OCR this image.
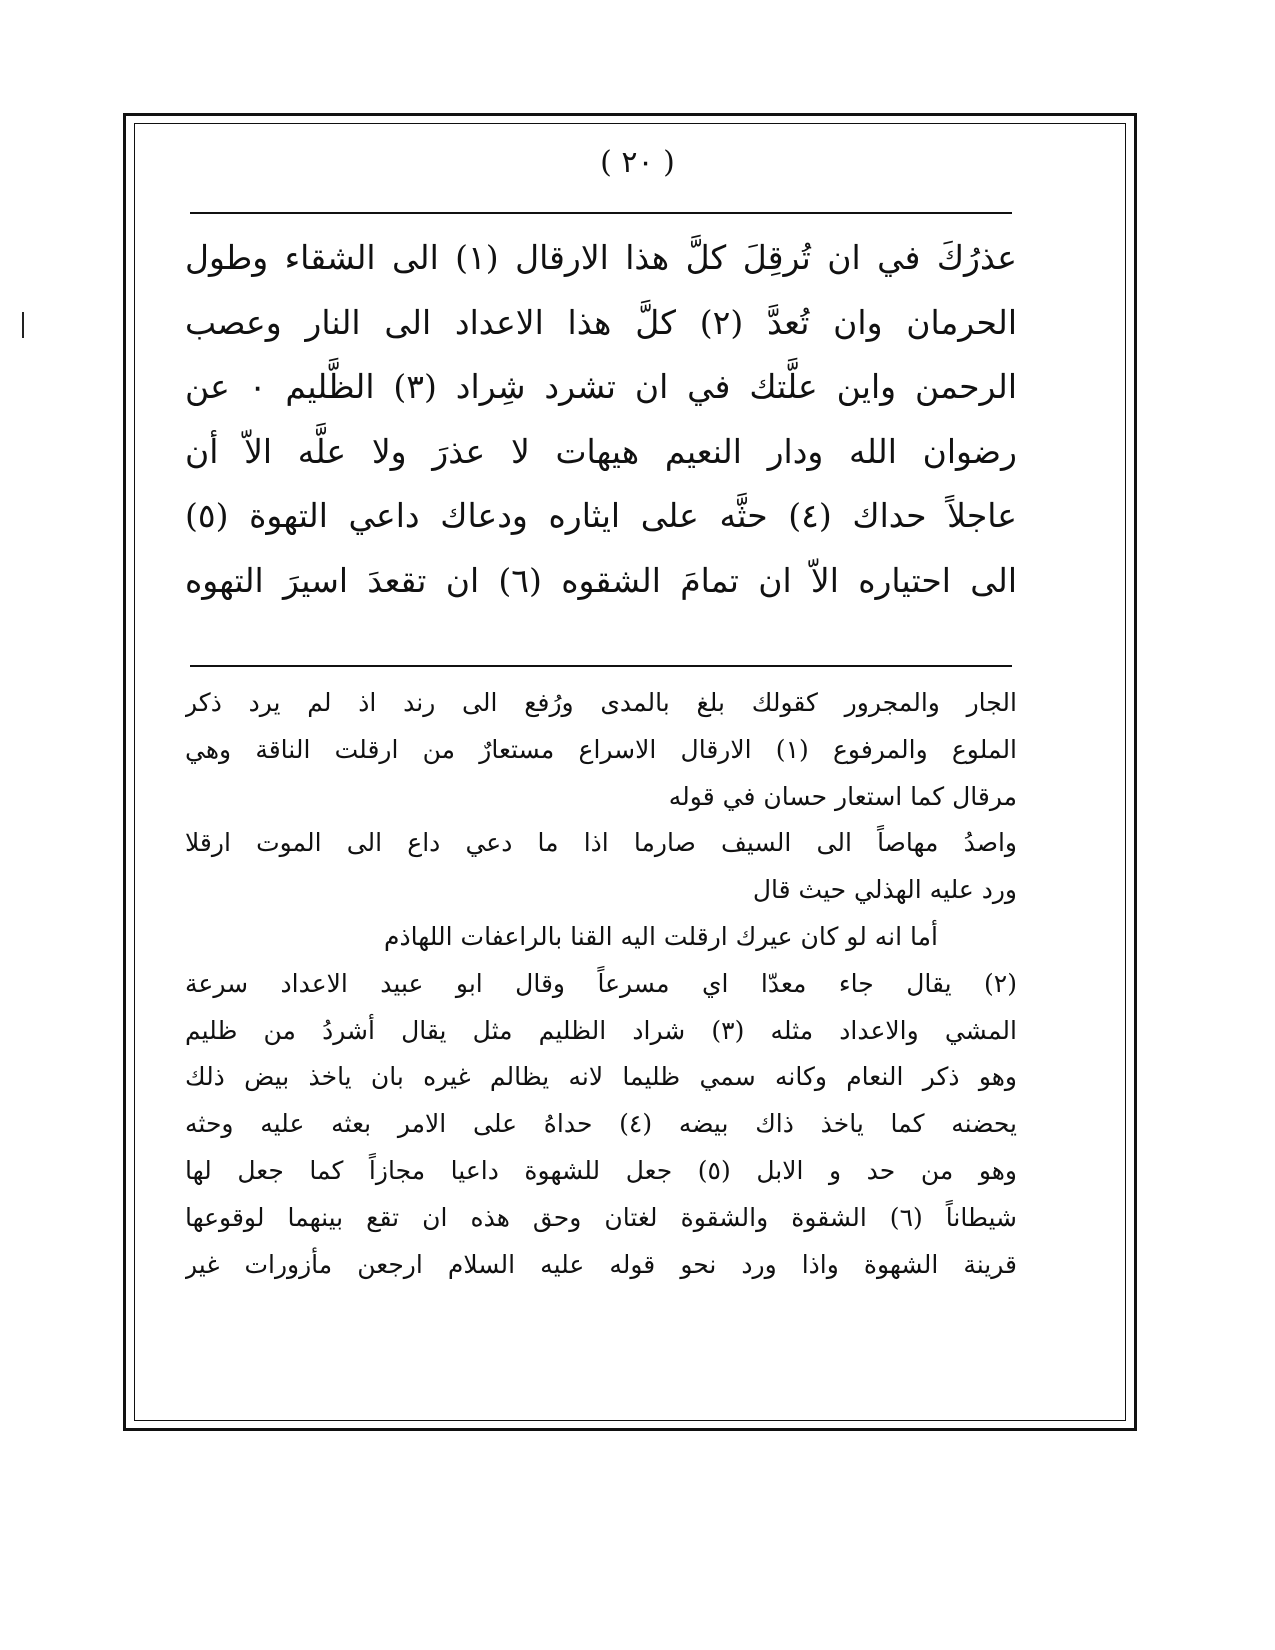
( ٢٠ )
عذرُكَ في ان تُرقِلَ كلَّ هذا الارقال (١) الى الشقاء وطول
الحرمان وان تُعدَّ (٢) كلَّ هذا الاعداد الى النار وعصب
الرحمن واين علَّتك في ان تشرد شِراد (٣) الظَّليم ٠ عن
رضوان الله ودار النعيم هيهات لا عذرَ ولا علَّه الاّ أن
عاجلاً حداك (٤) حثَّه على ايثاره ودعاك داعي التهوة (٥)
الى احتياره الاّ ان تمامَ الشقوه (٦) ان تقعدَ اسيرَ التهوه
الجار والمجرور كقولك بلغ بالمدى ورُفع الى رند اذ لم يرد ذكر
الملوع والمرفوع (١) الارقال الاسراع مستعارٌ من ارقلت الناقة وهي
مرقال كما استعار حسان في قوله
واصدُ مهاصاً الى السيف صارما اذا ما دعي داع الى الموت ارقلا
ورد عليه الهذلي حيث قال
أما انه لو كان عيرك ارقلت اليه القنا بالراعفات اللهاذم
(٢) يقال جاء معدّا اي مسرعاً وقال ابو عبيد الاعداد سرعة
المشي والاعداد مثله (٣) شراد الظليم مثل يقال أشردُ من ظليم
وهو ذكر النعام وكانه سمي ظليما لانه يظالم غيره بان ياخذ بيض ذلك
يحضنه كما ياخذ ذاك بيضه (٤) حداهُ على الامر بعثه عليه وحثه
وهو من حد و الابل (٥) جعل للشهوة داعيا مجازاً كما جعل لها
شيطاناً (٦) الشقوة والشقوة لغتان وحق هذه ان تقع بينهما لوقوعها
قرينة الشهوة واذا ورد نحو قوله عليه السلام ارجعن مأزورات غير
